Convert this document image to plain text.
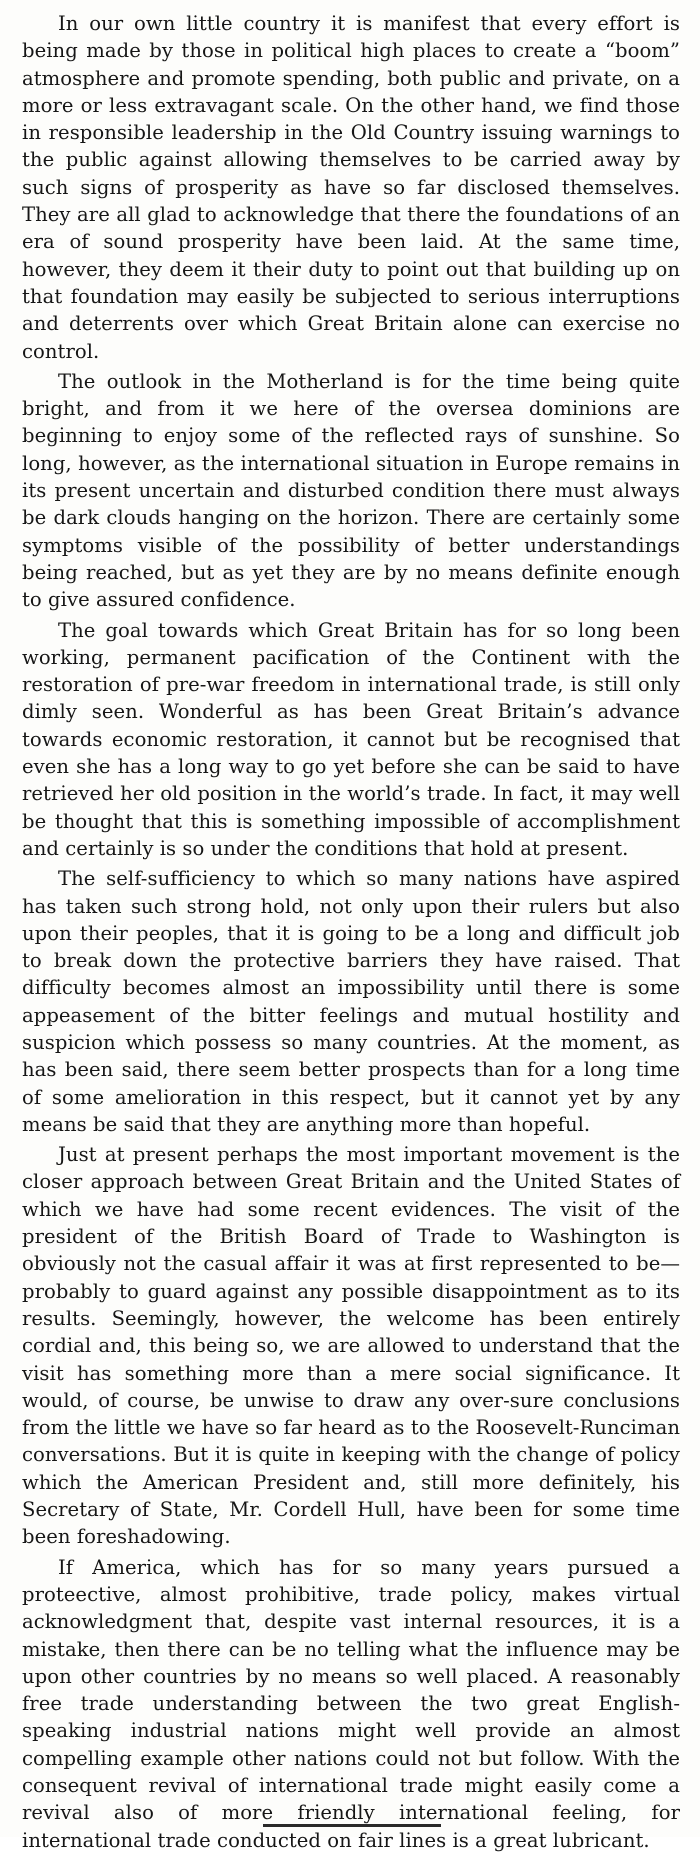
In our own little country it is manifest that every effort is being made by those in political high places to create a “boom” atmosphere and promote spending, both public and private, on a more or less extravagant scale. On the other hand, we find those in responsible leadership in the Old Country issuing warnings to the public against allowing themselves to be carried away by such signs of prosperity as have so far disclosed themselves. They are all glad to acknowledge that there the foundations of an era of sound prosperity have been laid. At the same time, however, they deem it their duty to point out that building up on that foundation may easily be subjected to serious interruptions and deterrents over which Great Britain alone can exercise no control.

The outlook in the Motherland is for the time being quite bright, and from it we here of the oversea dominions are beginning to enjoy some of the reflected rays of sunshine. So long, however, as the international situation in Europe remains in its present uncertain and disturbed condition there must always be dark clouds hanging on the horizon. There are certainly some symptoms visible of the possibility of better understandings being reached, but as yet they are by no means definite enough to give assured confidence.

The goal towards which Great Britain has for so long been working, permanent pacification of the Continent with the restoration of pre-war freedom in international trade, is still only dimly seen. Wonderful as has been Great Britain’s advance towards economic restoration, it cannot but be recognised that even she has a long way to go yet before she can be said to have retrieved her old position in the world’s trade. In fact, it may well be thought that this is something impossible of accomplishment and certainly is so under the conditions that hold at present.

The self-sufficiency to which so many nations have aspired has taken such strong hold, not only upon their rulers but also upon their peoples, that it is going to be a long and difficult job to break down the protective barriers they have raised. That difficulty becomes almost an impossibility until there is some appeasement of the bitter feelings and mutual hostility and suspicion which possess so many countries. At the moment, as has been said, there seem better prospects than for a long time of some amelioration in this respect, but it cannot yet by any means be said that they are anything more than hopeful.

Just at present perhaps the most important movement is the closer approach between Great Britain and the United States of which we have had some recent evidences. The visit of the president of the British Board of Trade to Washington is obviously not the casual affair it was at first represented to be—probably to guard against any possible disappointment as to its results. Seemingly, however, the welcome has been entirely cordial and, this being so, we are allowed to understand that the visit has something more than a mere social significance. It would, of course, be unwise to draw any over-sure conclusions from the little we have so far heard as to the Roosevelt-Runciman conversations. But it is quite in keeping with the change of policy which the American President and, still more definitely, his Secretary of State, Mr. Cordell Hull, have been for some time been foreshadowing.

If America, which has for so many years pursued a proteective, almost prohibitive, trade policy, makes virtual acknowledgment that, despite vast internal resources, it is a mistake, then there can be no telling what the influence may be upon other countries by no means so well placed. A reasonably free trade understanding between the two great English-speaking industrial nations might well provide an almost compelling example other nations could not but follow. With the consequent revival of international trade might easily come a revival also of more friendly international feeling, for international trade conducted on fair lines is a great lubricant.
